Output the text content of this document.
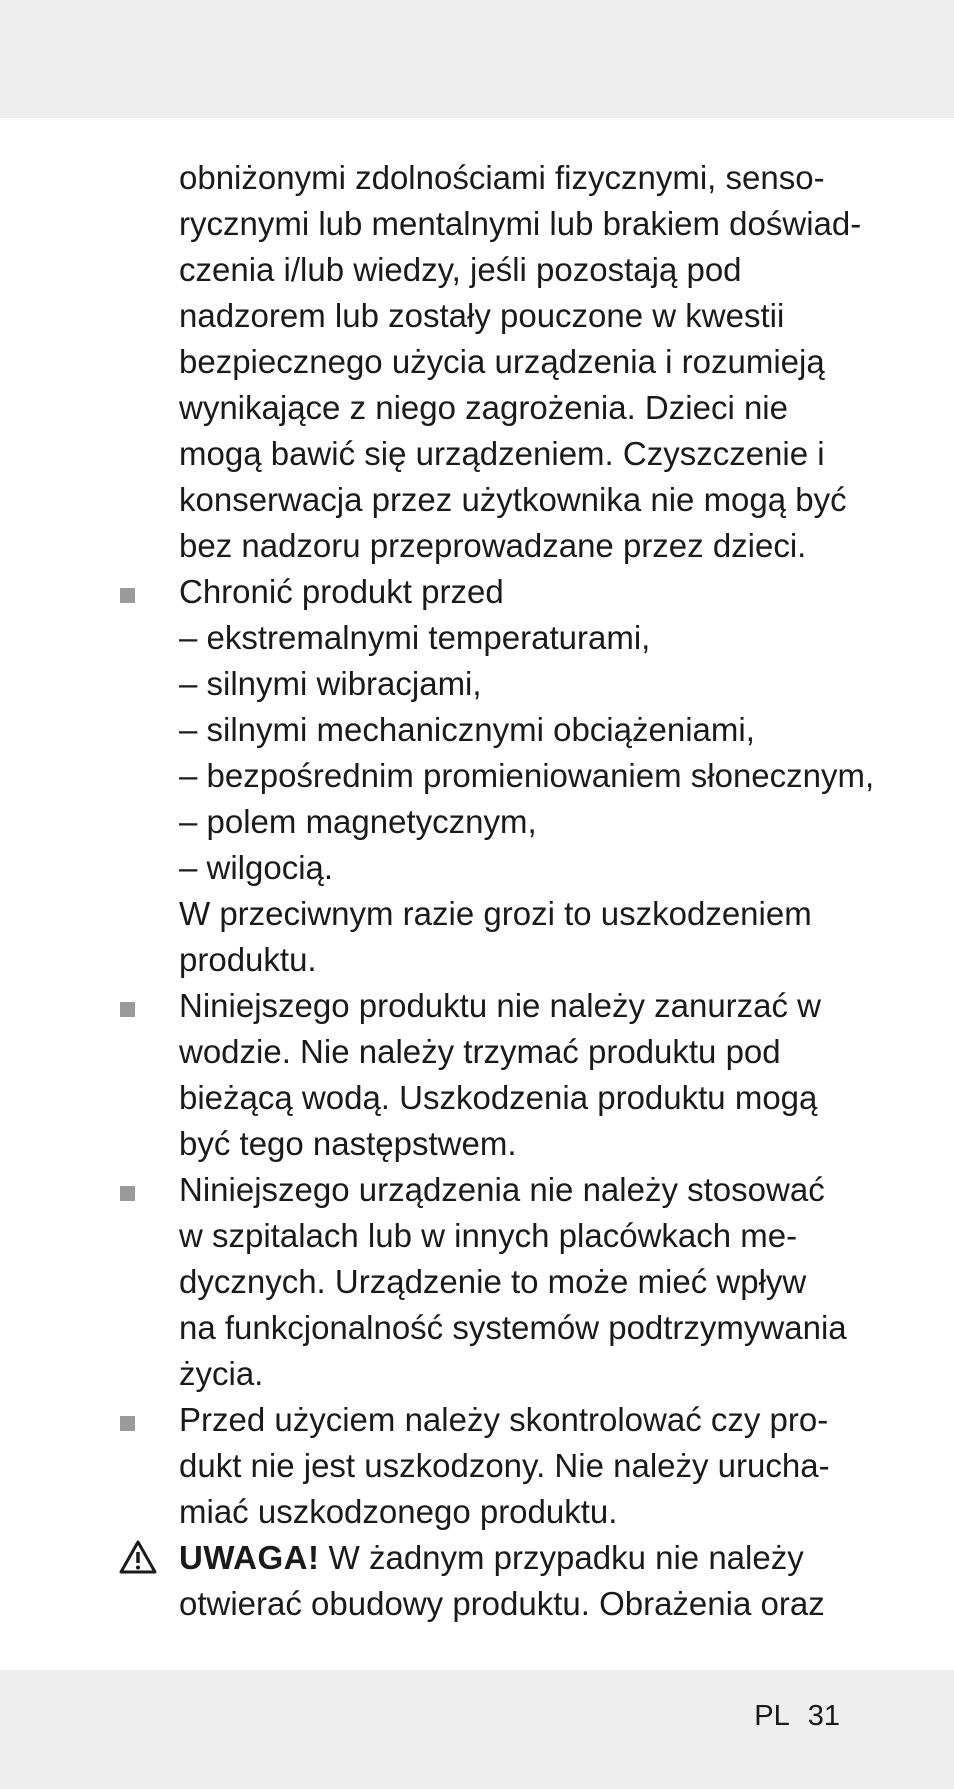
obniżonymi zdolnościami fizycznymi, senso-
rycznymi lub mentalnymi lub brakiem doświad-
czenia i/lub wiedzy, jeśli pozostają pod
nadzorem lub zostały pouczone w kwestii
bezpiecznego użycia urządzenia i rozumieją
wynikające z niego zagrożenia. Dzieci nie
mogą bawić się urządzeniem. Czyszczenie i
konserwacja przez użytkownika nie mogą być
bez nadzoru przeprowadzane przez dzieci.
Chronić produkt przed
– ekstremalnymi temperaturami,
– silnymi wibracjami,
– silnymi mechanicznymi obciążeniami,
– bezpośrednim promieniowaniem słonecznym,
– polem magnetycznym,
– wilgocią.
W przeciwnym razie grozi to uszkodzeniem
produktu.
Niniejszego produktu nie należy zanurzać w
wodzie. Nie należy trzymać produktu pod
bieżącą wodą. Uszkodzenia produktu mogą
być tego następstwem.
Niniejszego urządzenia nie należy stosować
w szpitalach lub w innych placówkach me-
dycznych. Urządzenie to może mieć wpływ
na funkcjonalność systemów podtrzymywania
życia.
Przed użyciem należy skontrolować czy pro-
dukt nie jest uszkodzony. Nie należy urucha-
miać uszkodzonego produktu.
UWAGA! W żadnym przypadku nie należy
otwierać obudowy produktu. Obrażenia oraz
PL 31
